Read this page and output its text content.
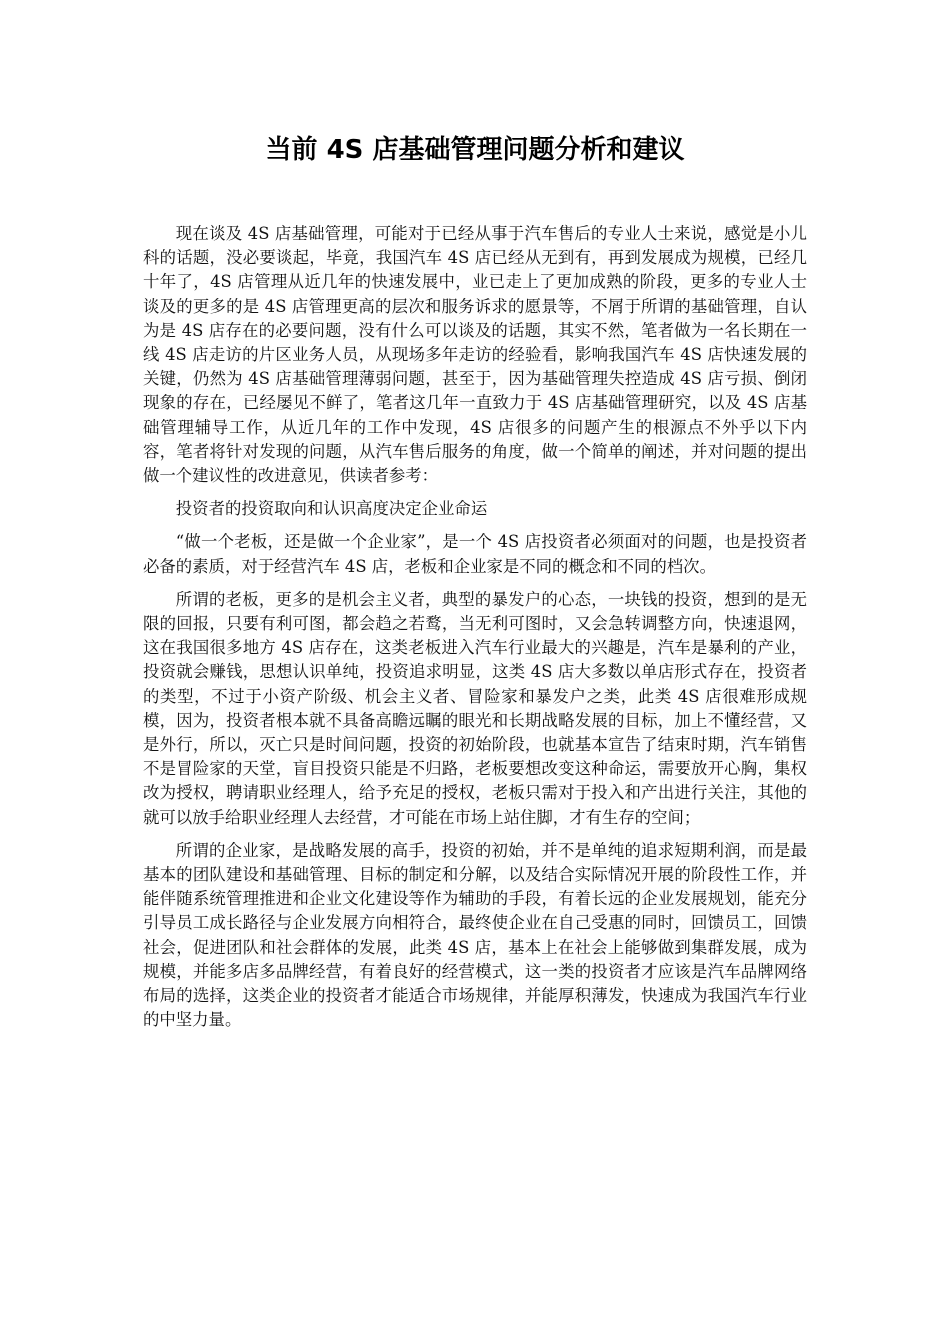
当前 4S 店基础管理问题分析和建议

现在谈及 4S 店基础管理，可能对于已经从事于汽车售后的专业人士来说，感觉是小儿科的话题，没必要谈起，毕竟，我国汽车 4S 店已经从无到有，再到发展成为规模，已经几十年了，4S 店管理从近几年的快速发展中，业已走上了更加成熟的阶段，更多的专业人士谈及的更多的是 4S 店管理更高的层次和服务诉求的愿景等，不屑于所谓的基础管理，自认为是 4S 店存在的必要问题，没有什么可以谈及的话题，其实不然，笔者做为一名长期在一线 4S 店走访的片区业务人员，从现场多年走访的经验看，影响我国汽车 4S 店快速发展的关键，仍然为 4S 店基础管理薄弱问题，甚至于，因为基础管理失控造成 4S 店亏损、倒闭现象的存在，已经屡见不鲜了，笔者这几年一直致力于 4S 店基础管理研究，以及 4S 店基础管理辅导工作，从近几年的工作中发现，4S 店很多的问题产生的根源点不外乎以下内容，笔者将针对发现的问题，从汽车售后服务的角度，做一个简单的阐述，并对问题的提出做一个建议性的改进意见，供读者参考：

投资者的投资取向和认识高度决定企业命运

“做一个老板，还是做一个企业家”，是一个 4S 店投资者必须面对的问题，也是投资者必备的素质，对于经营汽车 4S 店，老板和企业家是不同的概念和不同的档次。

所谓的老板，更多的是机会主义者，典型的暴发户的心态，一块钱的投资，想到的是无限的回报，只要有利可图，都会趋之若鹜，当无利可图时，又会急转调整方向，快速退网，这在我国很多地方 4S 店存在，这类老板进入汽车行业最大的兴趣是，汽车是暴利的产业，投资就会赚钱，思想认识单纯，投资追求明显，这类 4S 店大多数以单店形式存在，投资者的类型，不过于小资产阶级、机会主义者、冒险家和暴发户之类，此类 4S 店很难形成规模，因为，投资者根本就不具备高瞻远瞩的眼光和长期战略发展的目标，加上不懂经营，又是外行，所以，灭亡只是时间问题，投资的初始阶段，也就基本宣告了结束时期，汽车销售不是冒险家的天堂，盲目投资只能是不归路，老板要想改变这种命运，需要放开心胸，集权改为授权，聘请职业经理人，给予充足的授权，老板只需对于投入和产出进行关注，其他的就可以放手给职业经理人去经营，才可能在市场上站住脚，才有生存的空间；

所谓的企业家，是战略发展的高手，投资的初始，并不是单纯的追求短期利润，而是最基本的团队建设和基础管理、目标的制定和分解，以及结合实际情况开展的阶段性工作，并能伴随系统管理推进和企业文化建设等作为辅助的手段，有着长远的企业发展规划，能充分引导员工成长路径与企业发展方向相符合，最终使企业在自己受惠的同时，回馈员工，回馈社会，促进团队和社会群体的发展，此类 4S 店，基本上在社会上能够做到集群发展，成为规模，并能多店多品牌经营，有着良好的经营模式，这一类的投资者才应该是汽车品牌网络布局的选择，这类企业的投资者才能适合市场规律，并能厚积薄发，快速成为我国汽车行业的中坚力量。
